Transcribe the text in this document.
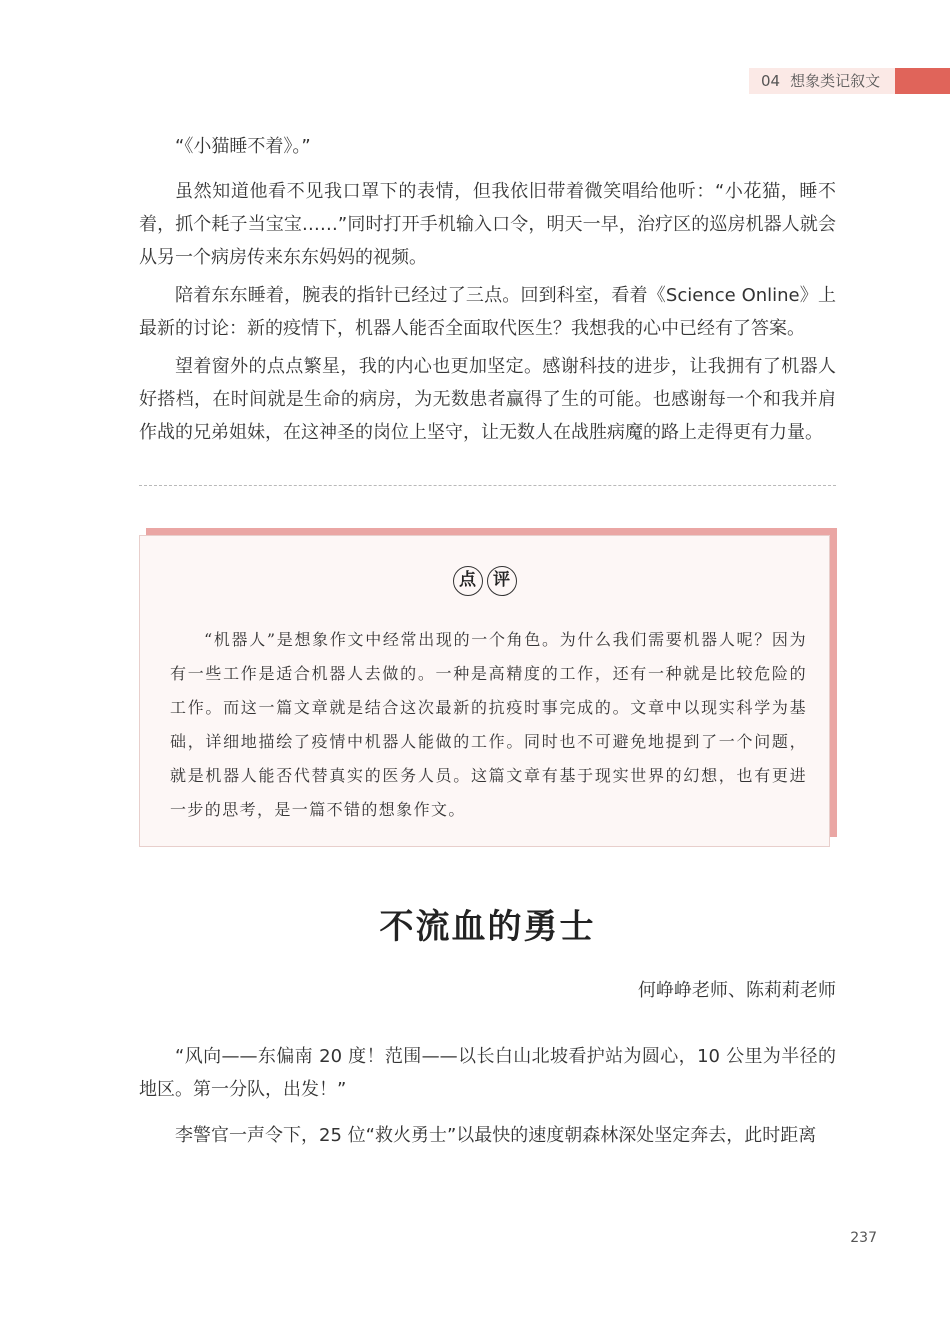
04 想象类记叙文

“《小猫睡不着》。”

虽然知道他看不见我口罩下的表情，但我依旧带着微笑唱给他听：“小花猫，睡不着，抓个耗子当宝宝……”同时打开手机输入口令，明天一早，治疗区的巡房机器人就会从另一个病房传来东东妈妈的视频。

陪着东东睡着，腕表的指针已经过了三点。回到科室，看着《Science Online》上最新的讨论：新的疫情下，机器人能否全面取代医生？我想我的心中已经有了答案。

望着窗外的点点繁星，我的内心也更加坚定。感谢科技的进步，让我拥有了机器人好搭档，在时间就是生命的病房，为无数患者赢得了生的可能。也感谢每一个和我并肩作战的兄弟姐妹，在这神圣的岗位上坚守，让无数人在战胜病魔的路上走得更有力量。

点 评

“机器人”是想象作文中经常出现的一个角色。为什么我们需要机器人呢？因为有一些工作是适合机器人去做的。一种是高精度的工作，还有一种就是比较危险的工作。而这一篇文章就是结合这次最新的抗疫时事完成的。文章中以现实科学为基础，详细地描绘了疫情中机器人能做的工作。同时也不可避免地提到了一个问题，就是机器人能否代替真实的医务人员。这篇文章有基于现实世界的幻想，也有更进一步的思考，是一篇不错的想象作文。

不流血的勇士
何峥峥老师、陈莉莉老师

“风向——东偏南 20 度！范围——以长白山北坡看护站为圆心，10 公里为半径的地区。第一分队，出发！”

李警官一声令下，25 位“救火勇士”以最快的速度朝森林深处坚定奔去，此时距离

237
